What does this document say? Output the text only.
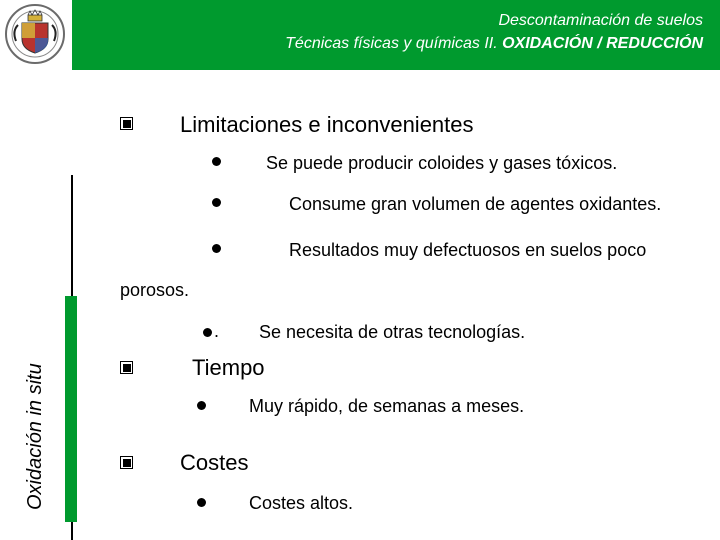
Descontaminación de suelos
Técnicas físicas y químicas II. OXIDACIÓN / REDUCCIÓN
Oxidación in situ
Limitaciones e inconvenientes
Se puede producir coloides y gases tóxicos.
Consume gran volumen de agentes oxidantes.
Resultados muy defectuosos en suelos poco
porosos.
. Se necesita de otras tecnologías.
Tiempo
Muy rápido, de semanas a meses.
Costes
Costes altos.
